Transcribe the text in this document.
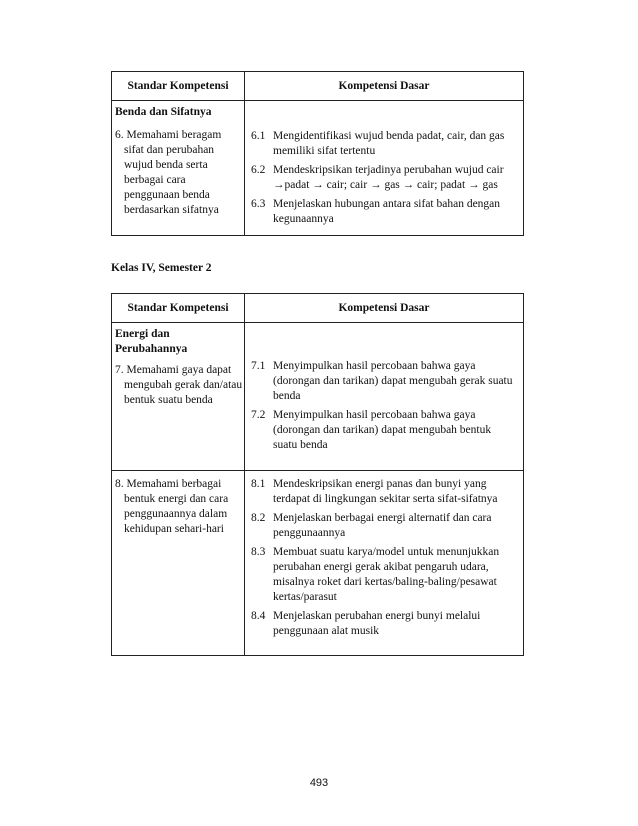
Standar Kompetensi	Kompetensi Dasar
Benda dan Sifatnya
6. Memahami beragam sifat dan perubahan wujud benda serta berbagai cara penggunaan benda berdasarkan sifatnya
6.1 Mengidentifikasi wujud benda padat, cair, dan gas memiliki sifat tertentu
6.2 Mendeskripsikan terjadinya perubahan wujud cair →padat → cair; cair → gas → cair; padat → gas
6.3 Menjelaskan hubungan antara sifat bahan dengan kegunaannya
Kelas IV, Semester 2
Standar Kompetensi	Kompetensi Dasar
Energi dan Perubahannya
7. Memahami gaya dapat mengubah gerak dan/atau bentuk suatu benda
7.1 Menyimpulkan hasil percobaan bahwa gaya (dorongan dan tarikan) dapat mengubah gerak suatu benda
7.2 Menyimpulkan hasil percobaan bahwa gaya (dorongan dan tarikan) dapat mengubah bentuk suatu benda
8. Memahami berbagai bentuk energi dan cara penggunaannya dalam kehidupan sehari-hari
8.1 Mendeskripsikan energi panas dan bunyi yang terdapat di lingkungan sekitar serta sifat-sifatnya
8.2 Menjelaskan berbagai energi alternatif dan cara penggunaannya
8.3 Membuat suatu karya/model untuk menunjukkan perubahan energi gerak akibat pengaruh udara, misalnya roket dari kertas/baling-baling/pesawat kertas/parasut
8.4 Menjelaskan perubahan energi bunyi melalui penggunaan alat musik
493
